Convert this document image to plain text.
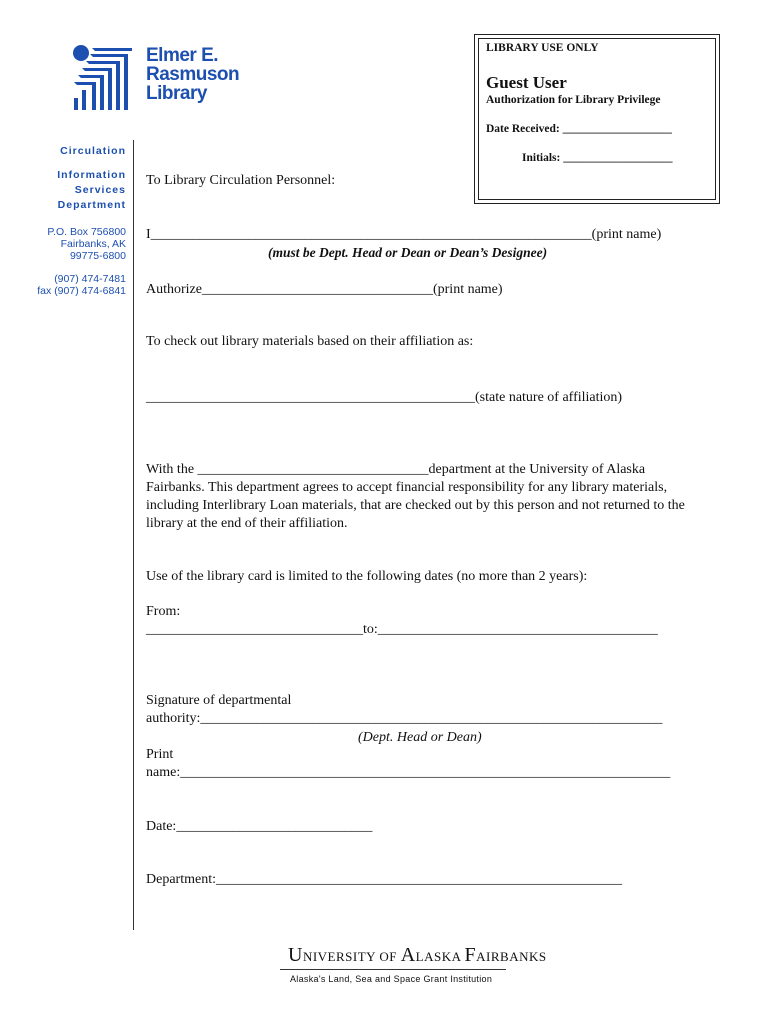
Elmer E.
Rasmuson
Library
Circulation
Information
Services
Department
P.O. Box 756800
Fairbanks, AK
99775-6800
(907) 474-7481
fax (907) 474-6841
LIBRARY USE ONLY
Guest User
Authorization for Library Privilege
Date Received: ___________________
Initials: ___________________
To Library Circulation Personnel:
I_______________________________________________________________(print name)
(must be Dept. Head or Dean or Dean’s Designee)
Authorize_________________________________(print name)
To check out library materials based on their affiliation as:
_______________________________________________(state nature of affiliation)
With the _________________________________department at the University of Alaska Fairbanks. This department agrees to accept financial responsibility for any library materials, including Interlibrary Loan materials, that are checked out by this person and not returned to the library at the end of their affiliation.
Use of the library card is limited to the following dates (no more than 2 years):
From:
_______________________________to:________________________________________
Signature of departmental
authority:__________________________________________________________________
(Dept. Head or Dean)
Print
name:______________________________________________________________________
Date:____________________________
Department:__________________________________________________________
UNIVERSITY OF ALASKA FAIRBANKS
Alaska's Land, Sea and Space Grant Institution
